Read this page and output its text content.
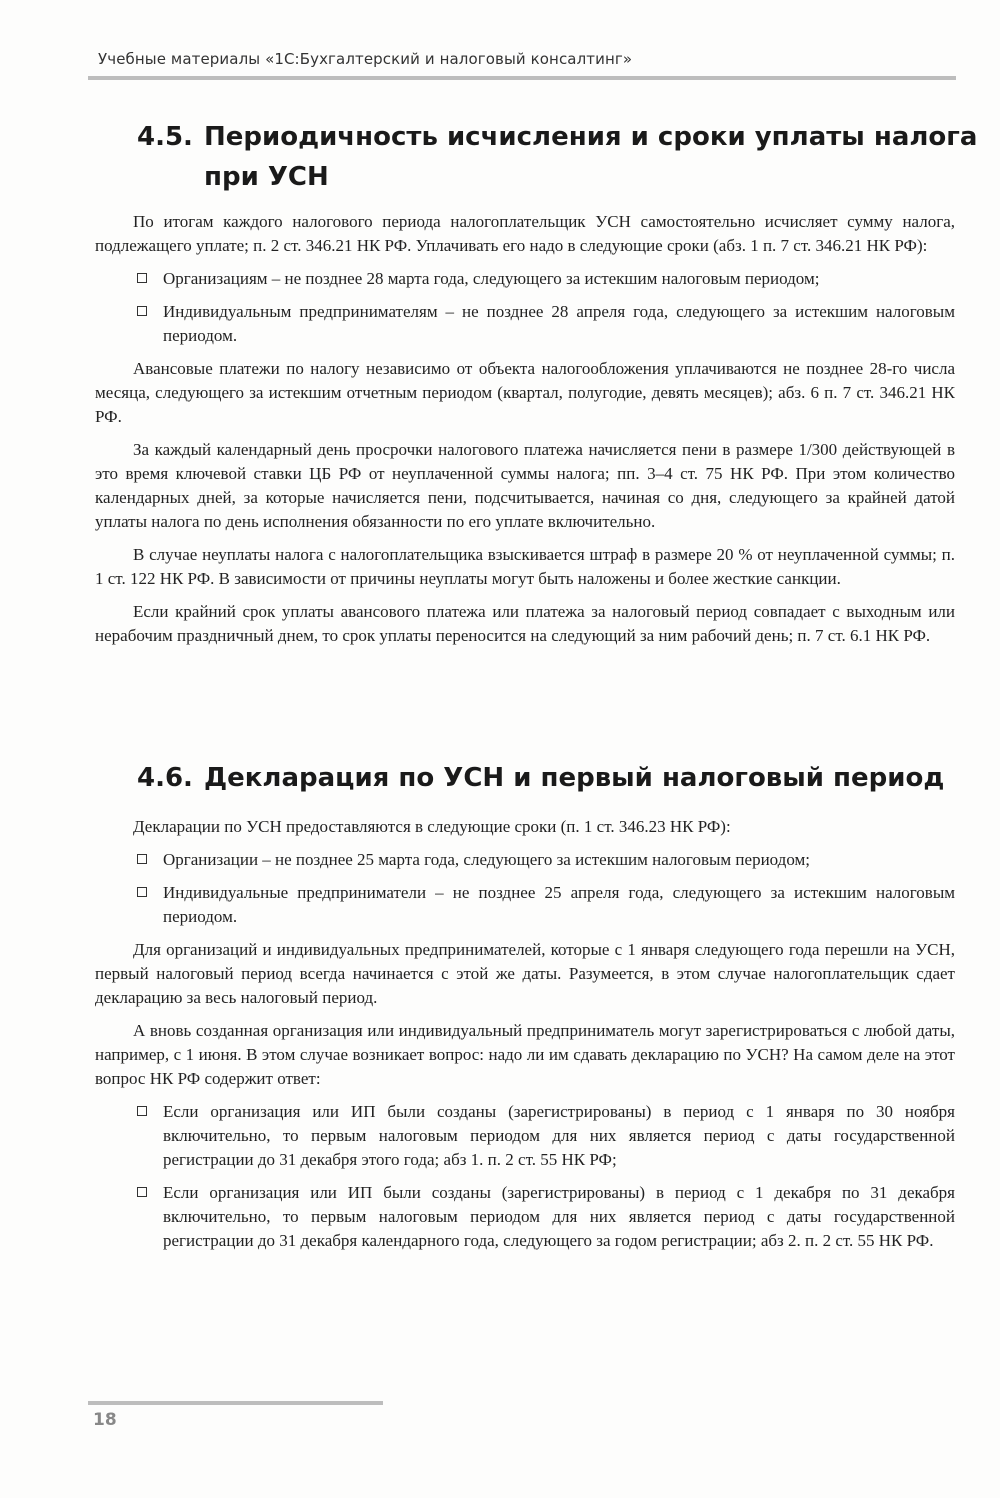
Учебные материалы «1С:Бухгалтерский и налоговый консалтинг»
4.5. Периодичность исчисления и сроки уплаты налога
при УСН

По итогам каждого налогового периода налогоплательщик УСН самостоятельно исчисляет сумму налога, подлежащего уплате; п. 2 ст. 346.21 НК РФ. Уплачивать его надо в следующие сроки (абз. 1 п. 7 ст. 346.21 НК РФ):

Организациям – не позднее 28 марта года, следующего за истекшим налоговым периодом;
Индивидуальным предпринимателям – не позднее 28 апреля года, следующего за истекшим налоговым периодом.

Авансовые платежи по налогу независимо от объекта налогообложения уплачиваются не позднее 28-го числа месяца, следующего за истекшим отчетным периодом (квартал, полугодие, девять месяцев); абз. 6 п. 7 ст. 346.21 НК РФ.

За каждый календарный день просрочки налогового платежа начисляется пени в размере 1/300 действующей в это время ключевой ставки ЦБ РФ от неуплаченной суммы налога; пп. 3–4 ст. 75 НК РФ. При этом количество календарных дней, за которые начисляется пени, подсчитывается, начиная со дня, следующего за крайней датой уплаты налога по день исполнения обязанности по его уплате включительно.

В случае неуплаты налога с налогоплательщика взыскивается штраф в размере 20 % от неуплаченной суммы; п. 1 ст. 122 НК РФ. В зависимости от причины неуплаты могут быть наложены и более жесткие санкции.

Если крайний срок уплаты авансового платежа или платежа за налоговый период совпадает с выходным или нерабочим праздничный днем, то срок уплаты переносится на следующий за ним рабочий день; п. 7 ст. 6.1 НК РФ.

4.6. Декларация по УСН и первый налоговый период

Декларации по УСН предоставляются в следующие сроки (п. 1 ст. 346.23 НК РФ):

Организации – не позднее 25 марта года, следующего за истекшим налоговым периодом;
Индивидуальные предприниматели – не позднее 25 апреля года, следующего за истекшим налоговым периодом.

Для организаций и индивидуальных предпринимателей, которые с 1 января следующего года перешли на УСН, первый налоговый период всегда начинается с этой же даты. Разумеется, в этом случае налогоплательщик сдает декларацию за весь налоговый период.

А вновь созданная организация или индивидуальный предприниматель могут зарегистрироваться с любой даты, например, с 1 июня. В этом случае возникает вопрос: надо ли им сдавать декларацию по УСН? На самом деле на этот вопрос НК РФ содержит ответ:

Если организация или ИП были созданы (зарегистрированы) в период с 1 января по 30 ноября включительно, то первым налоговым периодом для них является период с даты государственной регистрации до 31 декабря этого года; абз 1. п. 2 ст. 55 НК РФ;
Если организация или ИП были созданы (зарегистрированы) в период с 1 декабря по 31 декабря включительно, то первым налоговым периодом для них является период с даты государственной регистрации до 31 декабря календарного года, следующего за годом регистрации; абз 2. п. 2 ст. 55 НК РФ.
18
